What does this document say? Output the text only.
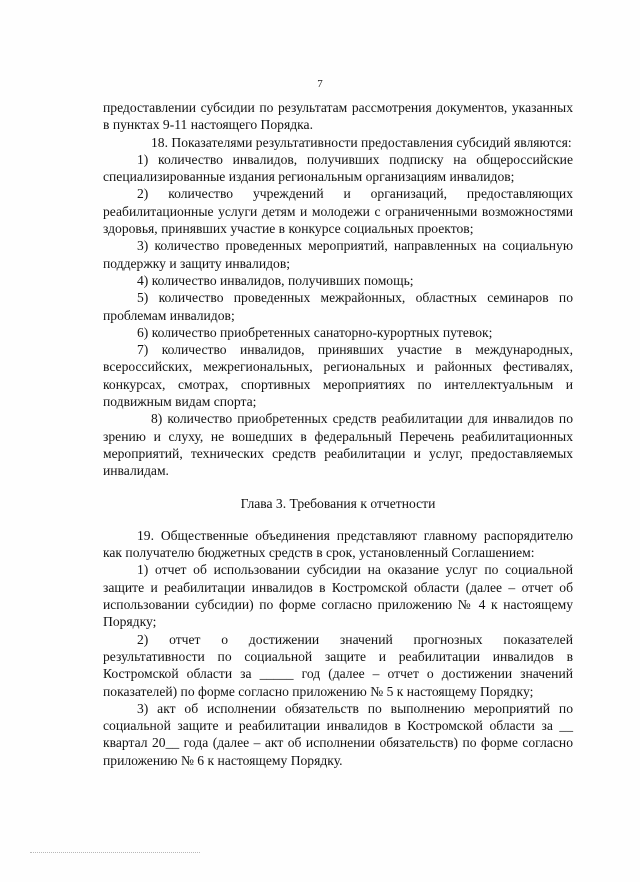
7

предоставлении субсидии по результатам рассмотрения документов, указанных в пунктах 9-11 настоящего Порядка.

18. Показателями результативности предоставления субсидий являются:

1) количество инвалидов, получивших подписку на общероссийские специализированные издания региональным организациям инвалидов;

2) количество учреждений и организаций, предоставляющих реабилитационные услуги детям и молодежи с ограниченными возможностями здоровья, принявших участие в конкурсе социальных проектов;

3) количество проведенных мероприятий, направленных на социальную поддержку и защиту инвалидов;

4) количество инвалидов, получивших помощь;

5) количество проведенных межрайонных, областных семинаров по проблемам инвалидов;

6) количество приобретенных санаторно-курортных путевок;

7) количество инвалидов, принявших участие в международных, всероссийских, межрегиональных, региональных и районных фестивалях, конкурсах, смотрах, спортивных мероприятиях по интеллектуальным и подвижным видам спорта;

8) количество приобретенных средств реабилитации для инвалидов по зрению и слуху, не вошедших в федеральный Перечень реабилитационных мероприятий, технических средств реабилитации и услуг, предоставляемых инвалидам.

Глава 3. Требования к отчетности

19. Общественные объединения представляют главному распорядителю как получателю бюджетных средств в срок, установленный Соглашением:

1) отчет об использовании субсидии на оказание услуг по социальной защите и реабилитации инвалидов в Костромской области (далее – отчет об использовании субсидии) по форме согласно приложению № 4 к настоящему Порядку;

2) отчет о достижении значений прогнозных показателей результативности по социальной защите и реабилитации инвалидов в Костромской области за _____ год (далее – отчет о достижении значений показателей) по форме согласно приложению № 5 к настоящему Порядку;

3) акт об исполнении обязательств по выполнению мероприятий по социальной защите и реабилитации инвалидов в Костромской области за __ квартал 20__ года (далее – акт об исполнении обязательств) по форме согласно приложению № 6 к настоящему Порядку.
